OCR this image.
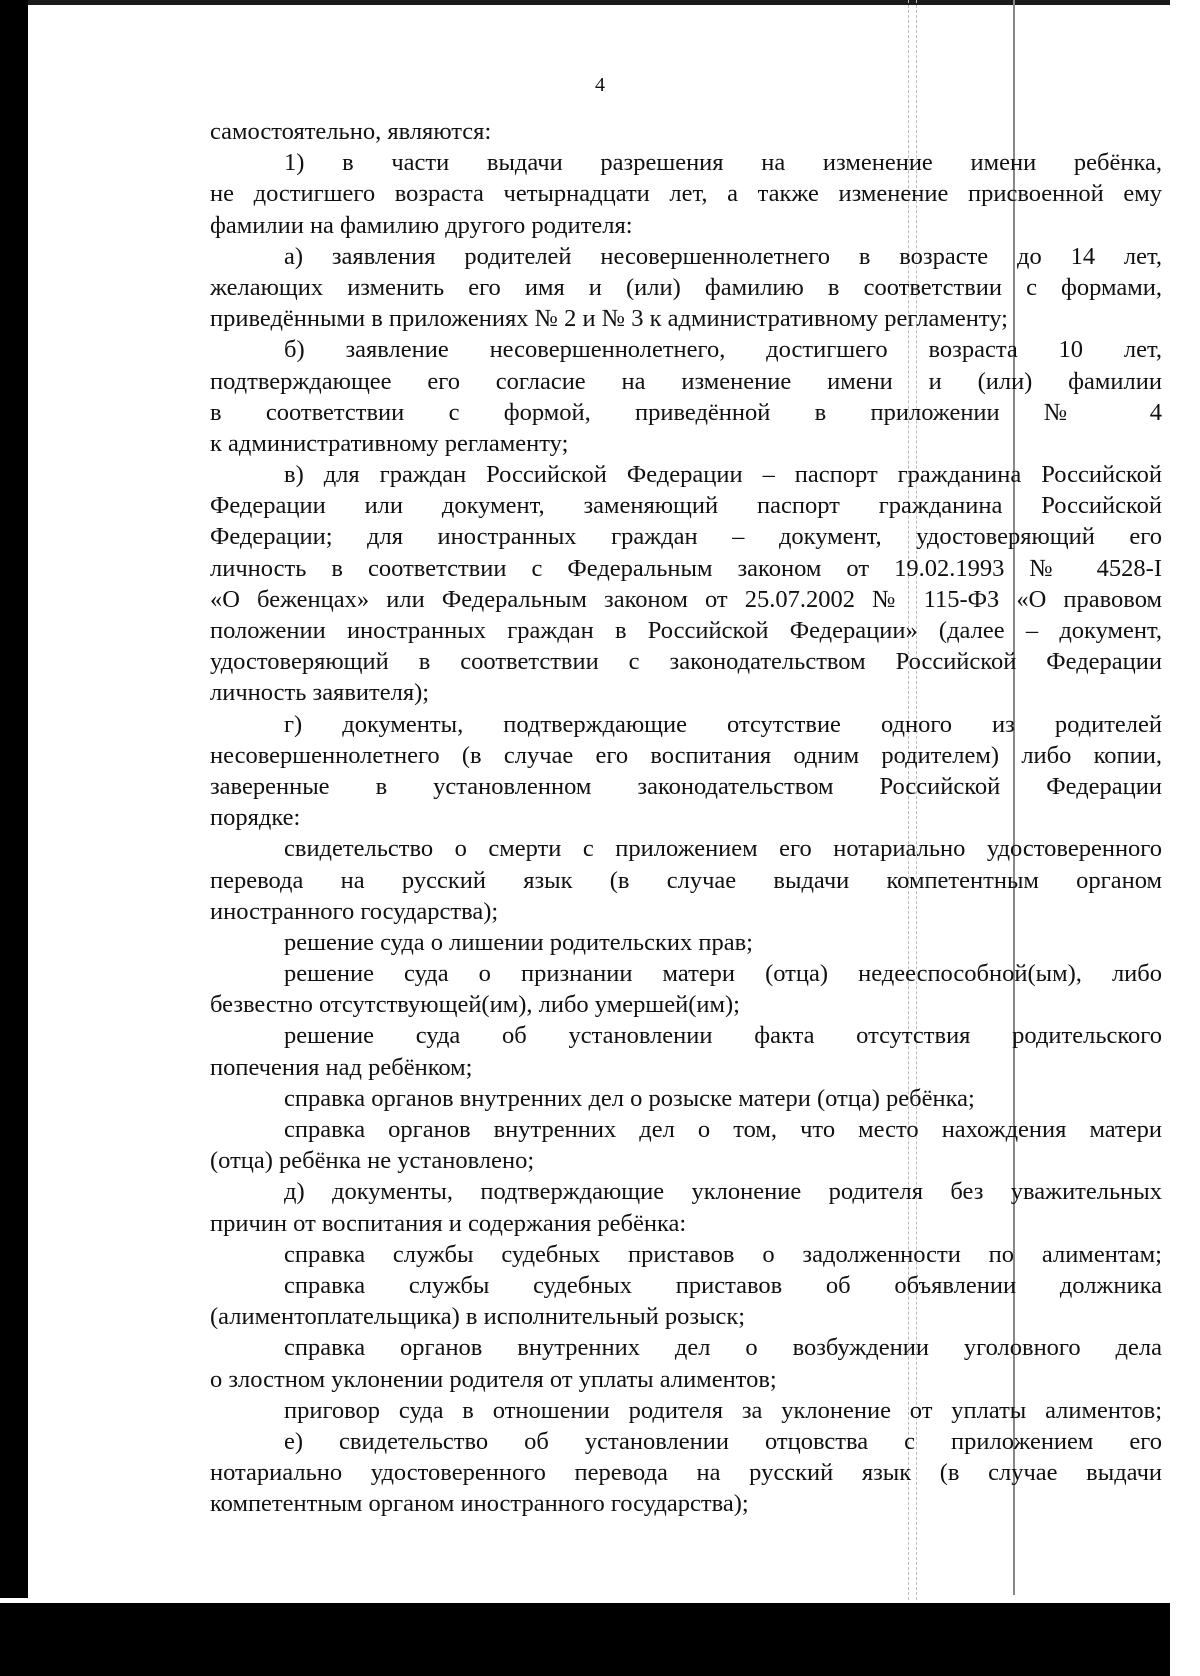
4
самостоятельно, являются:
1) в части выдачи разрешения на изменение имени ребёнка,
не достигшего возраста четырнадцати лет, а также изменение присвоенной ему
фамилии на фамилию другого родителя:
а) заявления родителей несовершеннолетнего в возрасте до 14 лет,
желающих изменить его имя и (или) фамилию в соответствии с формами,
приведёнными в приложениях № 2 и № 3 к административному регламенту;
б) заявление несовершеннолетнего, достигшего возраста 10 лет,
подтверждающее его согласие на изменение имени и (или) фамилии
в соответствии с формой, приведённой в приложении № 4
к административному регламенту;
в) для граждан Российской Федерации – паспорт гражданина Российской
Федерации или документ, заменяющий паспорт гражданина Российской
Федерации; для иностранных граждан – документ, удостоверяющий его
личность в соответствии с Федеральным законом от 19.02.1993 № 4528-I
«О беженцах» или Федеральным законом от 25.07.2002 № 115-ФЗ «О правовом
положении иностранных граждан в Российской Федерации» (далее – документ,
удостоверяющий в соответствии с законодательством Российской Федерации
личность заявителя);
г) документы, подтверждающие отсутствие одного из родителей
несовершеннолетнего (в случае его воспитания одним родителем) либо копии,
заверенные в установленном законодательством Российской Федерации
порядке:
свидетельство о смерти с приложением его нотариально удостоверенного
перевода на русский язык (в случае выдачи компетентным органом
иностранного государства);
решение суда о лишении родительских прав;
решение суда о признании матери (отца) недееспособной(ым), либо
безвестно отсутствующей(им), либо умершей(им);
решение суда об установлении факта отсутствия родительского
попечения над ребёнком;
справка органов внутренних дел о розыске матери (отца) ребёнка;
справка органов внутренних дел о том, что место нахождения матери
(отца) ребёнка не установлено;
д) документы, подтверждающие уклонение родителя без уважительных
причин от воспитания и содержания ребёнка:
справка службы судебных приставов о задолженности по алиментам;
справка службы судебных приставов об объявлении должника
(алиментоплательщика) в исполнительный розыск;
справка органов внутренних дел о возбуждении уголовного дела
о злостном уклонении родителя от уплаты алиментов;
приговор суда в отношении родителя за уклонение от уплаты алиментов;
е) свидетельство об установлении отцовства с приложением его
нотариально удостоверенного перевода на русский язык (в случае выдачи
компетентным органом иностранного государства);
